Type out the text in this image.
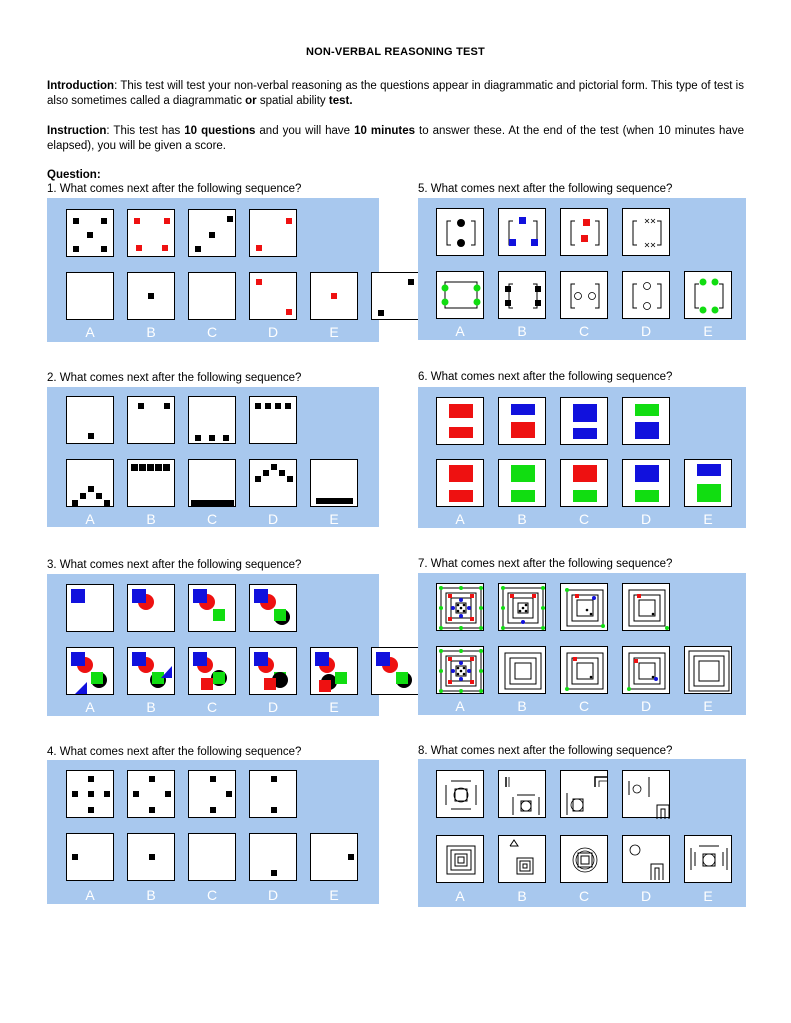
NON-VERBAL REASONING TEST
Introduction: This test will test your non-verbal reasoning as the questions appear in diagrammatic and pictorial form. This type of test is also sometimes called a diagrammatic or spatial ability test.
Instruction: This test has 10 questions and you will have 10 minutes to answer these. At the end of the test (when 10 minutes have elapsed), you will be given a score.
Question:
1. What comes next after the following sequence?
2. What comes next after the following sequence?
3. What comes next after the following sequence?
4. What comes next after the following sequence?
5. What comes next after the following sequence?
6. What comes next after the following sequence?
7. What comes next after the following sequence?
8. What comes next after the following sequence?
A	B	C	D	E
A	B	C	D	E
A	B	C	D	E
A	B	C	D	E
A	B	C	D	E
A	B	C	D	E
A	B	C	D	E
A	B	C	D	E
